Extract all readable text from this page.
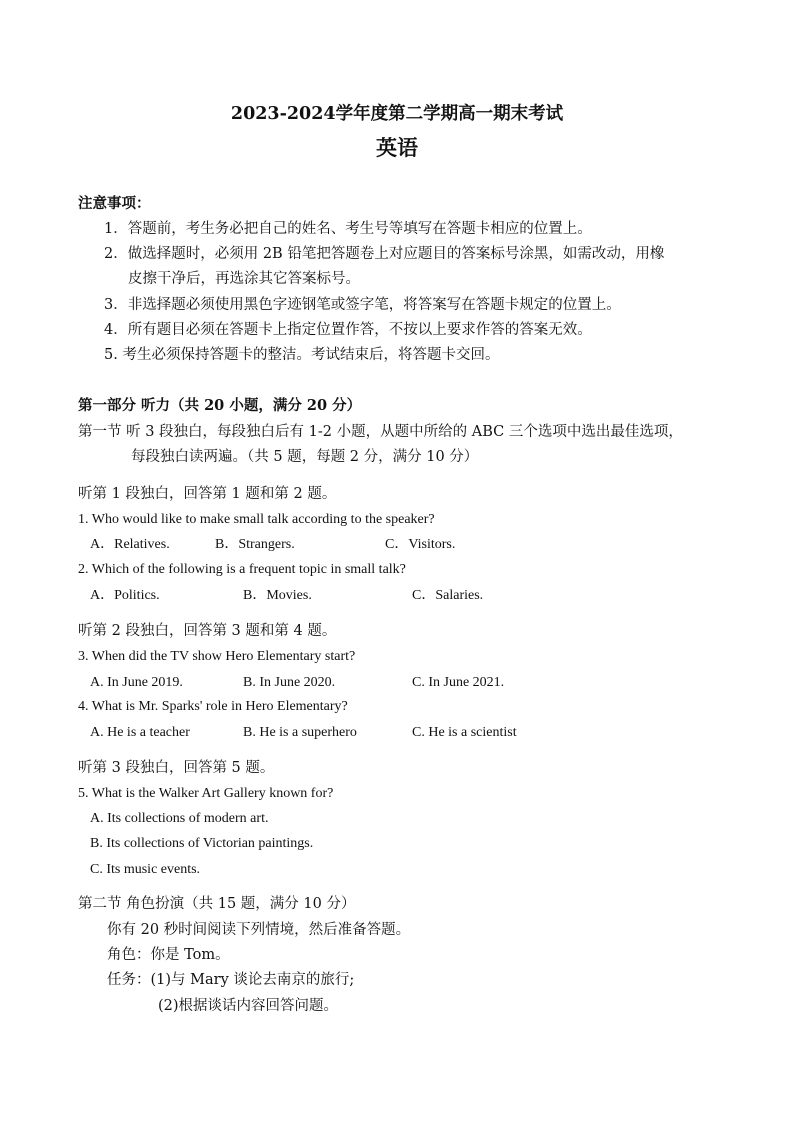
2023-2024学年度第二学期高一期末考试
英语
注意事项：
1．答题前，考生务必把自己的姓名、考生号等填写在答题卡相应的位置上。
2．做选择题时，必须用 2B 铅笔把答题卷上对应题目的答案标号涂黑，如需改动，用橡
皮擦干净后，再选涂其它答案标号。
3．非选择题必须使用黑色字迹钢笔或签字笔，将答案写在答题卡规定的位置上。
4．所有题目必须在答题卡上指定位置作答，不按以上要求作答的答案无效。
5. 考生必须保持答题卡的整洁。考试结束后，将答题卡交回。
第一部分 听力（共 20 小题，满分 20 分）
第一节 听 3 段独白，每段独白后有 1-2 小题，从题中所给的 ABC 三个选项中选出最佳选项，
每段独白读两遍。（共 5 题，每题 2 分，满分 10 分）
听第 1 段独白，回答第 1 题和第 2 题。
1. Who would like to make small talk according to the speaker?
A．Relatives.	B．Strangers.	C．Visitors.
2. Which of the following is a frequent topic in small talk?
A．Politics.	B．Movies.	C．Salaries.
听第 2 段独白，回答第 3 题和第 4 题。
3. When did the TV show Hero Elementary start?
A. In June 2019.	B. In June 2020.	C. In June 2021.
4. What is Mr. Sparks' role in Hero Elementary?
A. He is a teacher	B. He is a superhero	C. He is a scientist
听第 3 段独白，回答第 5 题。
5. What is the Walker Art Gallery known for?
A. Its collections of modern art.
B. Its collections of Victorian paintings.
C. Its music events.
第二节 角色扮演（共 15 题，满分 10 分）
你有 20 秒时间阅读下列情境，然后准备答题。
角色：你是 Tom。
任务：(1)与 Mary 谈论去南京的旅行;
(2)根据谈话内容回答问题。
